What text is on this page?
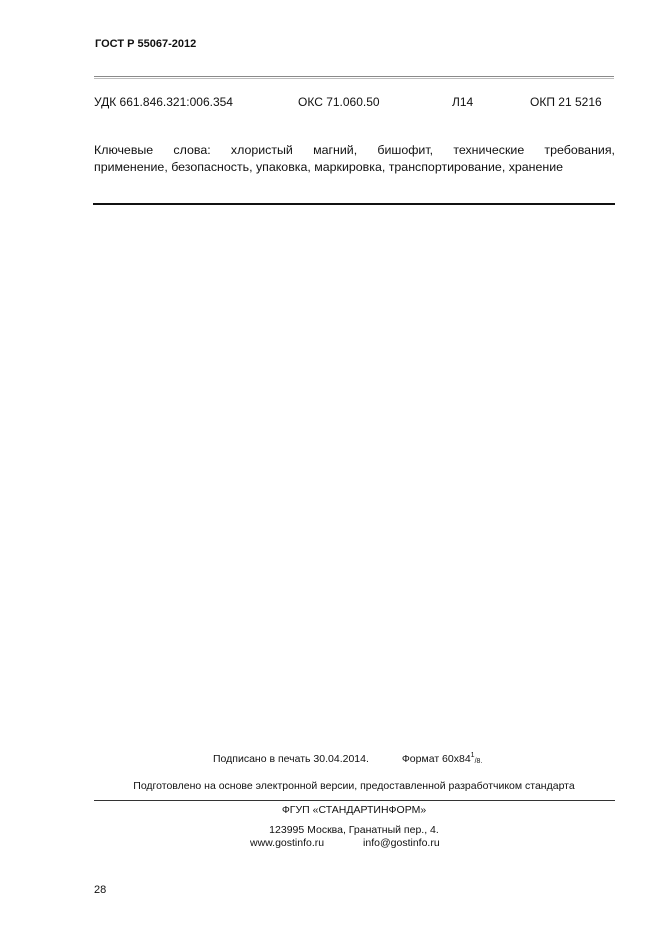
ГОСТ Р 55067-2012
УДК 661.846.321:006.354	ОКС 71.060.50	Л14	ОКП 21 5216
Ключевые слова: хлористый магний, бишофит, технические требования,
применение, безопасность, упаковка, маркировка, транспортирование, хранение
Подписано в печать 30.04.2014.	Формат $60x84^1_{/8.}$
Подготовлено на основе электронной версии, предоставленной разработчиком стандарта
ФГУП «СТАНДАРТИНФОРМ»
123995 Москва, Гранатный пер., 4.
www.gostinfo.ru	info@gostinfo.ru
28
